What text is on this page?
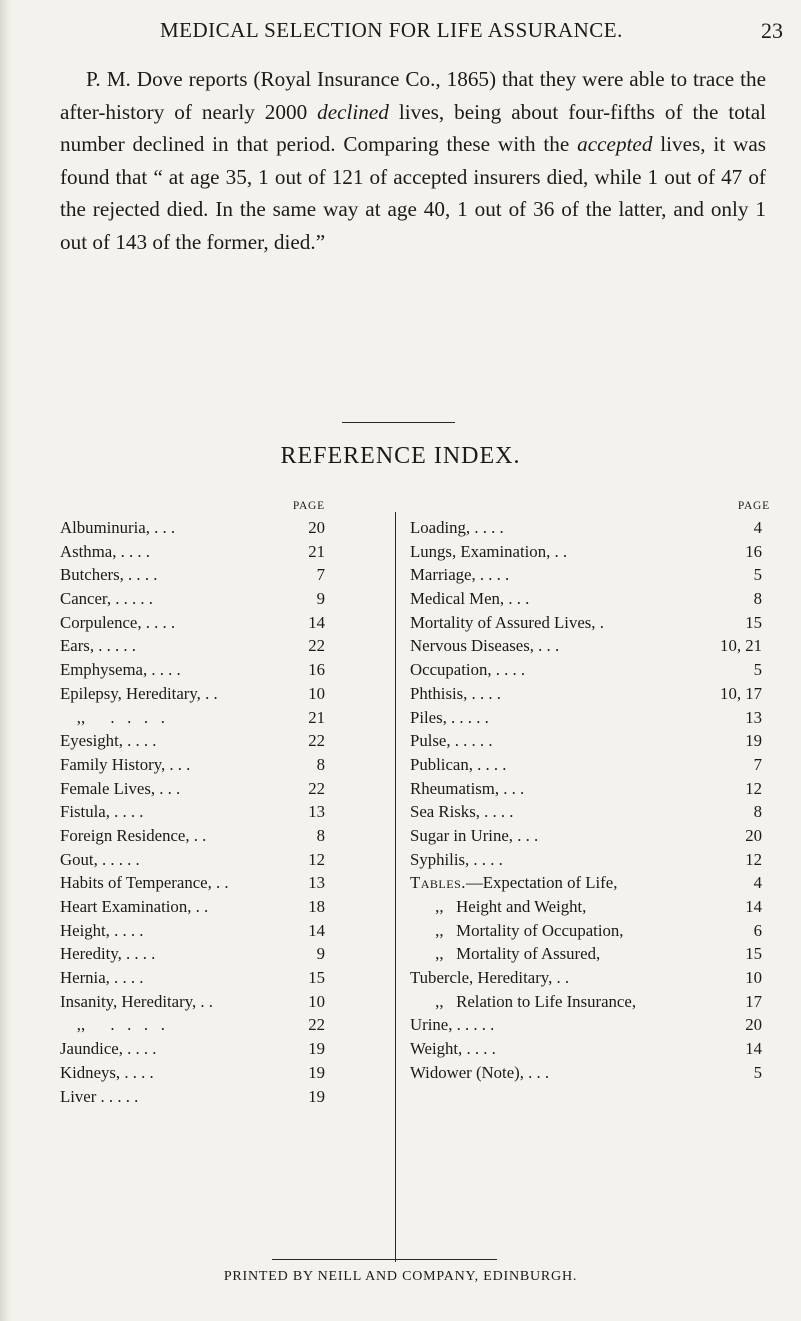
MEDICAL SELECTION FOR LIFE ASSURANCE.	23

P. M. Dove reports (Royal Insurance Co., 1865) that they were able to trace the after-history of nearly 2000 declined lives, being about four-fifths of the total number declined in that period. Comparing these with the accepted lives, it was found that “ at age 35, 1 out of 121 of accepted insurers died, while 1 out of 47 of the rejected died. In the same way at age 40, 1 out of 36 of the latter, and only 1 out of 143 of the former, died.”

REFERENCE INDEX.
PAGE
Albuminuria, . . .	20
Asthma, . . . .	21
Butchers, . . . .	7
Cancer, . . . . .	9
Corpulence, . . . .	14
Ears, . . . . .	22
Emphysema, . . . .	16
Epilepsy, Hereditary, . .	10
,,      .   .   .   .	21
Eyesight, . . . .	22
Family History, . . .	8
Female Lives, . . .	22
Fistula, . . . .	13
Foreign Residence, . .	8
Gout, . . . . .	12
Habits of Temperance, . .	13
Heart Examination, . .	18
Height, . . . .	14
Heredity, . . . .	9
Hernia, . . . .	15
Insanity, Hereditary, . .	10
,,      .   .   .   .	22
Jaundice, . . . .	19
Kidneys, . . . .	19
Liver . . . . .	19
PAGE
Loading, . . . .	4
Lungs, Examination, . .	16
Marriage, . . . .	5
Medical Men, . . .	8
Mortality of Assured Lives, .	15
Nervous Diseases, . . .	10, 21
Occupation, . . . .	5
Phthisis, . . . .	10, 17
Piles, . . . . .	13
Pulse, . . . . .	19
Publican, . . . .	7
Rheumatism, . . .	12
Sea Risks, . . . .	8
Sugar in Urine, . . .	20
Syphilis, . . . .	12
Tables.—Expectation of Life,	4
,,   Height and Weight,	14
,,   Mortality of Occupation,	6
,,   Mortality of Assured,	15
Tubercle, Hereditary, . .	10
,,   Relation to Life Insurance,	17
Urine, . . . . .	20
Weight, . . . .	14
Widower (Note), . . .	5
PRINTED BY NEILL AND COMPANY, EDINBURGH.
